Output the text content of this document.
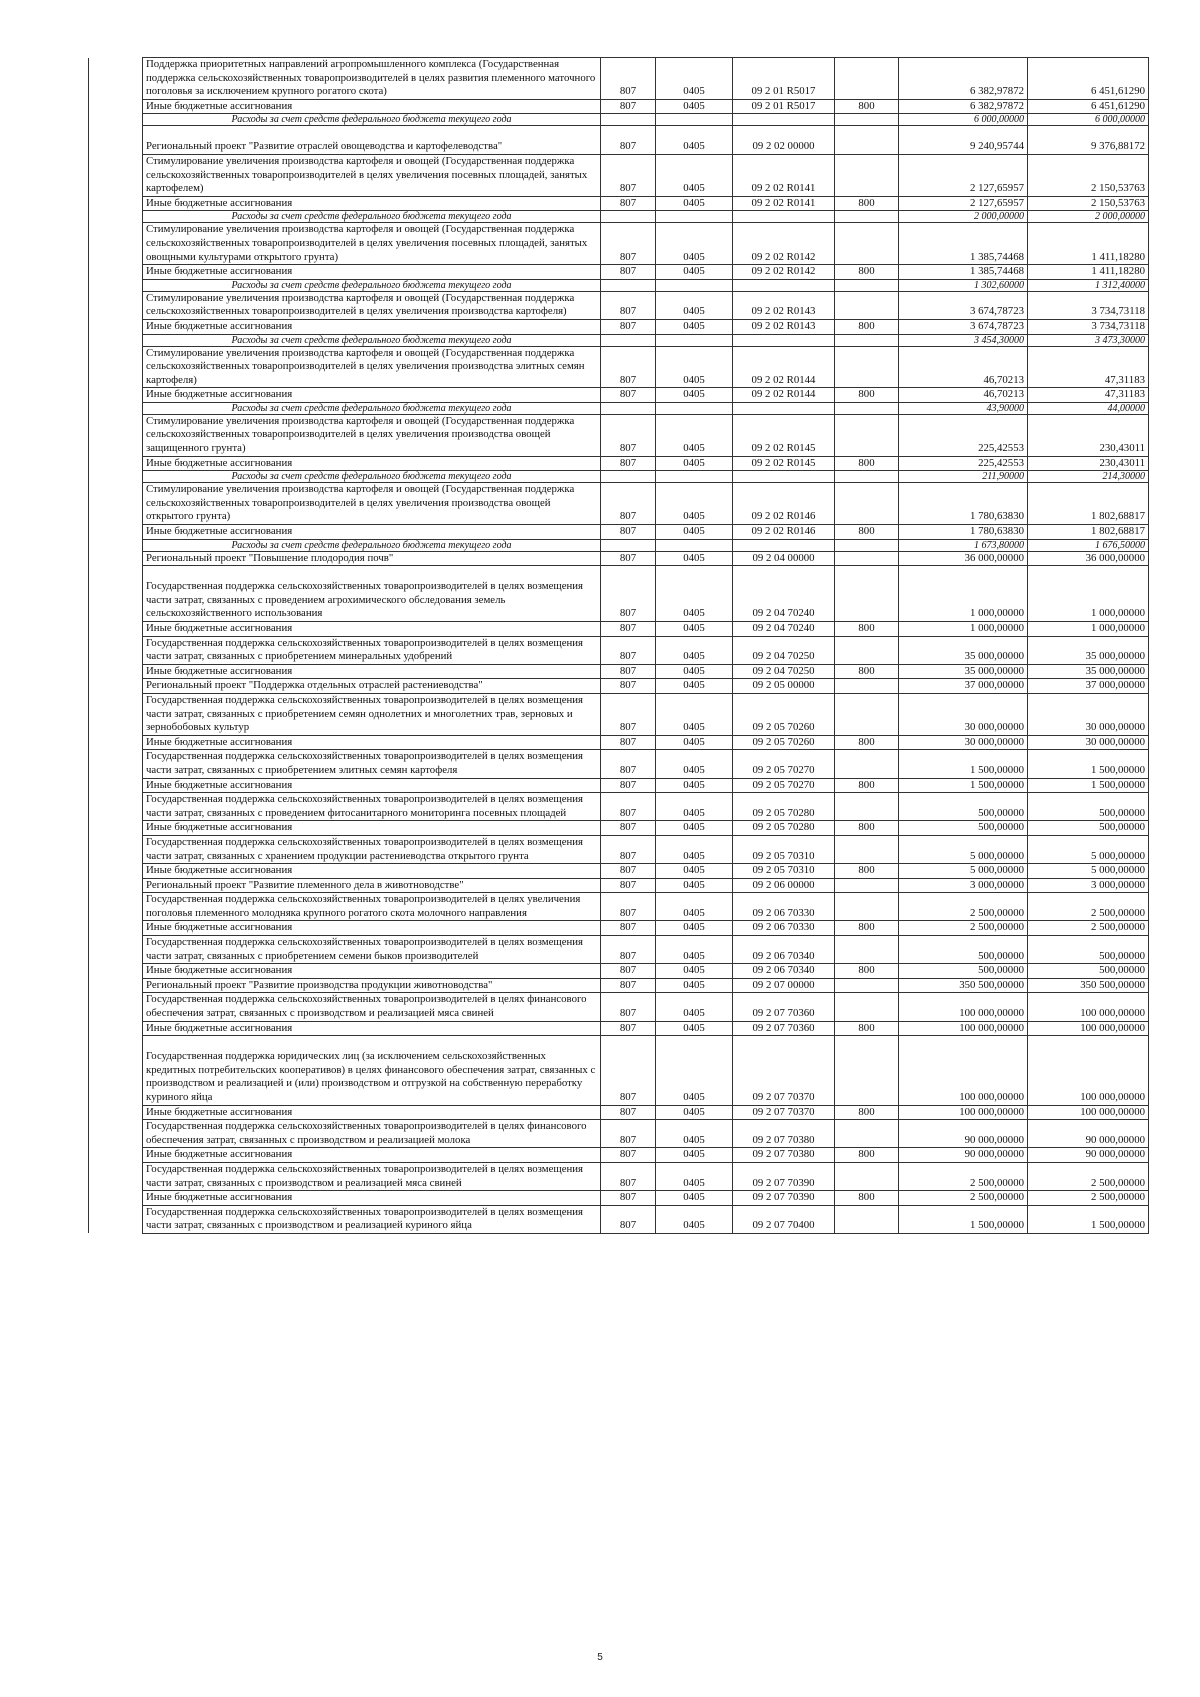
	Поддержка приоритетных направлений агропромышленного комплекса (Государственная поддержка сельскохозяйственных товаропроизводителей в целях развития племенного маточного поголовья за исключением крупного рогатого скота)	807	0405	09 2 01 R5017		6 382,97872	6 451,61290
	Иные бюджетные ассигнования	807	0405	09 2 01 R5017	800	6 382,97872	6 451,61290
	Расходы за счет средств федерального бюджета текущего года					6 000,00000	6 000,00000
	Региональный проект "Развитие отраслей овощеводства и картофелеводства"	807	0405	09 2 02 00000		9 240,95744	9 376,88172
	Стимулирование увеличения производства картофеля и овощей (Государственная поддержка сельскохозяйственных товаропроизводителей в целях увеличения посевных площадей, занятых картофелем)	807	0405	09 2 02 R0141		2 127,65957	2 150,53763
	Иные бюджетные ассигнования	807	0405	09 2 02 R0141	800	2 127,65957	2 150,53763
	Расходы за счет средств федерального бюджета текущего года					2 000,00000	2 000,00000
	Стимулирование увеличения производства картофеля и овощей (Государственная поддержка сельскохозяйственных товаропроизводителей в целях увеличения посевных площадей, занятых овощными культурами открытого грунта)	807	0405	09 2 02 R0142		1 385,74468	1 411,18280
	Иные бюджетные ассигнования	807	0405	09 2 02 R0142	800	1 385,74468	1 411,18280
	Расходы за счет средств федерального бюджета текущего года					1 302,60000	1 312,40000
	Стимулирование увеличения производства картофеля и овощей (Государственная поддержка сельскохозяйственных товаропроизводителей в целях увеличения производства картофеля)	807	0405	09 2 02 R0143		3 674,78723	3 734,73118
	Иные бюджетные ассигнования	807	0405	09 2 02 R0143	800	3 674,78723	3 734,73118
	Расходы за счет средств федерального бюджета текущего года					3 454,30000	3 473,30000
	Стимулирование увеличения производства картофеля и овощей (Государственная поддержка сельскохозяйственных товаропроизводителей в целях увеличения производства элитных семян картофеля)	807	0405	09 2 02 R0144		46,70213	47,31183
	Иные бюджетные ассигнования	807	0405	09 2 02 R0144	800	46,70213	47,31183
	Расходы за счет средств федерального бюджета текущего года					43,90000	44,00000
	Стимулирование увеличения производства картофеля и овощей (Государственная поддержка сельскохозяйственных товаропроизводителей в целях увеличения производства овощей защищенного грунта)	807	0405	09 2 02 R0145		225,42553	230,43011
	Иные бюджетные ассигнования	807	0405	09 2 02 R0145	800	225,42553	230,43011
	Расходы за счет средств федерального бюджета текущего года					211,90000	214,30000
	Стимулирование увеличения производства картофеля и овощей (Государственная поддержка сельскохозяйственных товаропроизводителей в целях увеличения производства овощей открытого грунта)	807	0405	09 2 02 R0146		1 780,63830	1 802,68817
	Иные бюджетные ассигнования	807	0405	09 2 02 R0146	800	1 780,63830	1 802,68817
	Расходы за счет средств федерального бюджета текущего года					1 673,80000	1 676,50000
	Региональный проект "Повышение плодородия почв"	807	0405	09 2 04 00000		36 000,00000	36 000,00000
	Государственная поддержка сельскохозяйственных товаропроизводителей в целях возмещения части затрат, связанных с проведением агрохимического обследования земель сельскохозяйственного использования	807	0405	09 2 04 70240		1 000,00000	1 000,00000
	Иные бюджетные ассигнования	807	0405	09 2 04 70240	800	1 000,00000	1 000,00000
	Государственная поддержка сельскохозяйственных товаропроизводителей в целях возмещения части затрат, связанных с приобретением минеральных удобрений	807	0405	09 2 04 70250		35 000,00000	35 000,00000
	Иные бюджетные ассигнования	807	0405	09 2 04 70250	800	35 000,00000	35 000,00000
	Региональный проект "Поддержка отдельных отраслей растениеводства"	807	0405	09 2 05 00000		37 000,00000	37 000,00000
	Государственная поддержка сельскохозяйственных товаропроизводителей в целях возмещения части затрат, связанных с приобретением семян однолетних и многолетних трав, зерновых и зернобобовых культур	807	0405	09 2 05 70260		30 000,00000	30 000,00000
	Иные бюджетные ассигнования	807	0405	09 2 05 70260	800	30 000,00000	30 000,00000
	Государственная поддержка сельскохозяйственных товаропроизводителей в целях возмещения части затрат, связанных с приобретением элитных семян картофеля	807	0405	09 2 05 70270		1 500,00000	1 500,00000
	Иные бюджетные ассигнования	807	0405	09 2 05 70270	800	1 500,00000	1 500,00000
	Государственная поддержка сельскохозяйственных товаропроизводителей в целях возмещения части затрат, связанных с проведением фитосанитарного мониторинга посевных площадей	807	0405	09 2 05 70280		500,00000	500,00000
	Иные бюджетные ассигнования	807	0405	09 2 05 70280	800	500,00000	500,00000
	Государственная поддержка сельскохозяйственных товаропроизводителей в целях возмещения части затрат, связанных с хранением продукции растениеводства открытого грунта	807	0405	09 2 05 70310		5 000,00000	5 000,00000
	Иные бюджетные ассигнования	807	0405	09 2 05 70310	800	5 000,00000	5 000,00000
	Региональный проект "Развитие племенного дела в животноводстве"	807	0405	09 2 06 00000		3 000,00000	3 000,00000
	Государственная поддержка сельскохозяйственных товаропроизводителей в целях увеличения поголовья племенного молодняка крупного рогатого скота молочного направления	807	0405	09 2 06 70330		2 500,00000	2 500,00000
	Иные бюджетные ассигнования	807	0405	09 2 06 70330	800	2 500,00000	2 500,00000
	Государственная поддержка сельскохозяйственных товаропроизводителей в целях возмещения части затрат, связанных с приобретением семени быков производителей	807	0405	09 2 06 70340		500,00000	500,00000
	Иные бюджетные ассигнования	807	0405	09 2 06 70340	800	500,00000	500,00000
	Региональный проект "Развитие производства продукции животноводства"	807	0405	09 2 07 00000		350 500,00000	350 500,00000
	Государственная поддержка сельскохозяйственных товаропроизводителей в целях финансового обеспечения затрат, связанных с производством и реализацией мяса свиней	807	0405	09 2 07 70360		100 000,00000	100 000,00000
	Иные бюджетные ассигнования	807	0405	09 2 07 70360	800	100 000,00000	100 000,00000
	Государственная поддержка юридических лиц (за исключением сельскохозяйственных кредитных потребительских кооперативов) в целях финансового обеспечения затрат, связанных с производством и реализацией и (или) производством и отгрузкой на собственную переработку куриного яйца	807	0405	09 2 07 70370		100 000,00000	100 000,00000
	Иные бюджетные ассигнования	807	0405	09 2 07 70370	800	100 000,00000	100 000,00000
	Государственная поддержка сельскохозяйственных товаропроизводителей в целях финансового обеспечения затрат, связанных с производством и реализацией молока	807	0405	09 2 07 70380		90 000,00000	90 000,00000
	Иные бюджетные ассигнования	807	0405	09 2 07 70380	800	90 000,00000	90 000,00000
	Государственная поддержка сельскохозяйственных товаропроизводителей в целях возмещения части затрат, связанных с производством и реализацией мяса свиней	807	0405	09 2 07 70390		2 500,00000	2 500,00000
	Иные бюджетные ассигнования	807	0405	09 2 07 70390	800	2 500,00000	2 500,00000
	Государственная поддержка сельскохозяйственных товаропроизводителей в целях возмещения части затрат, связанных с производством и реализацией куриного яйца	807	0405	09 2 07 70400		1 500,00000	1 500,00000
5
